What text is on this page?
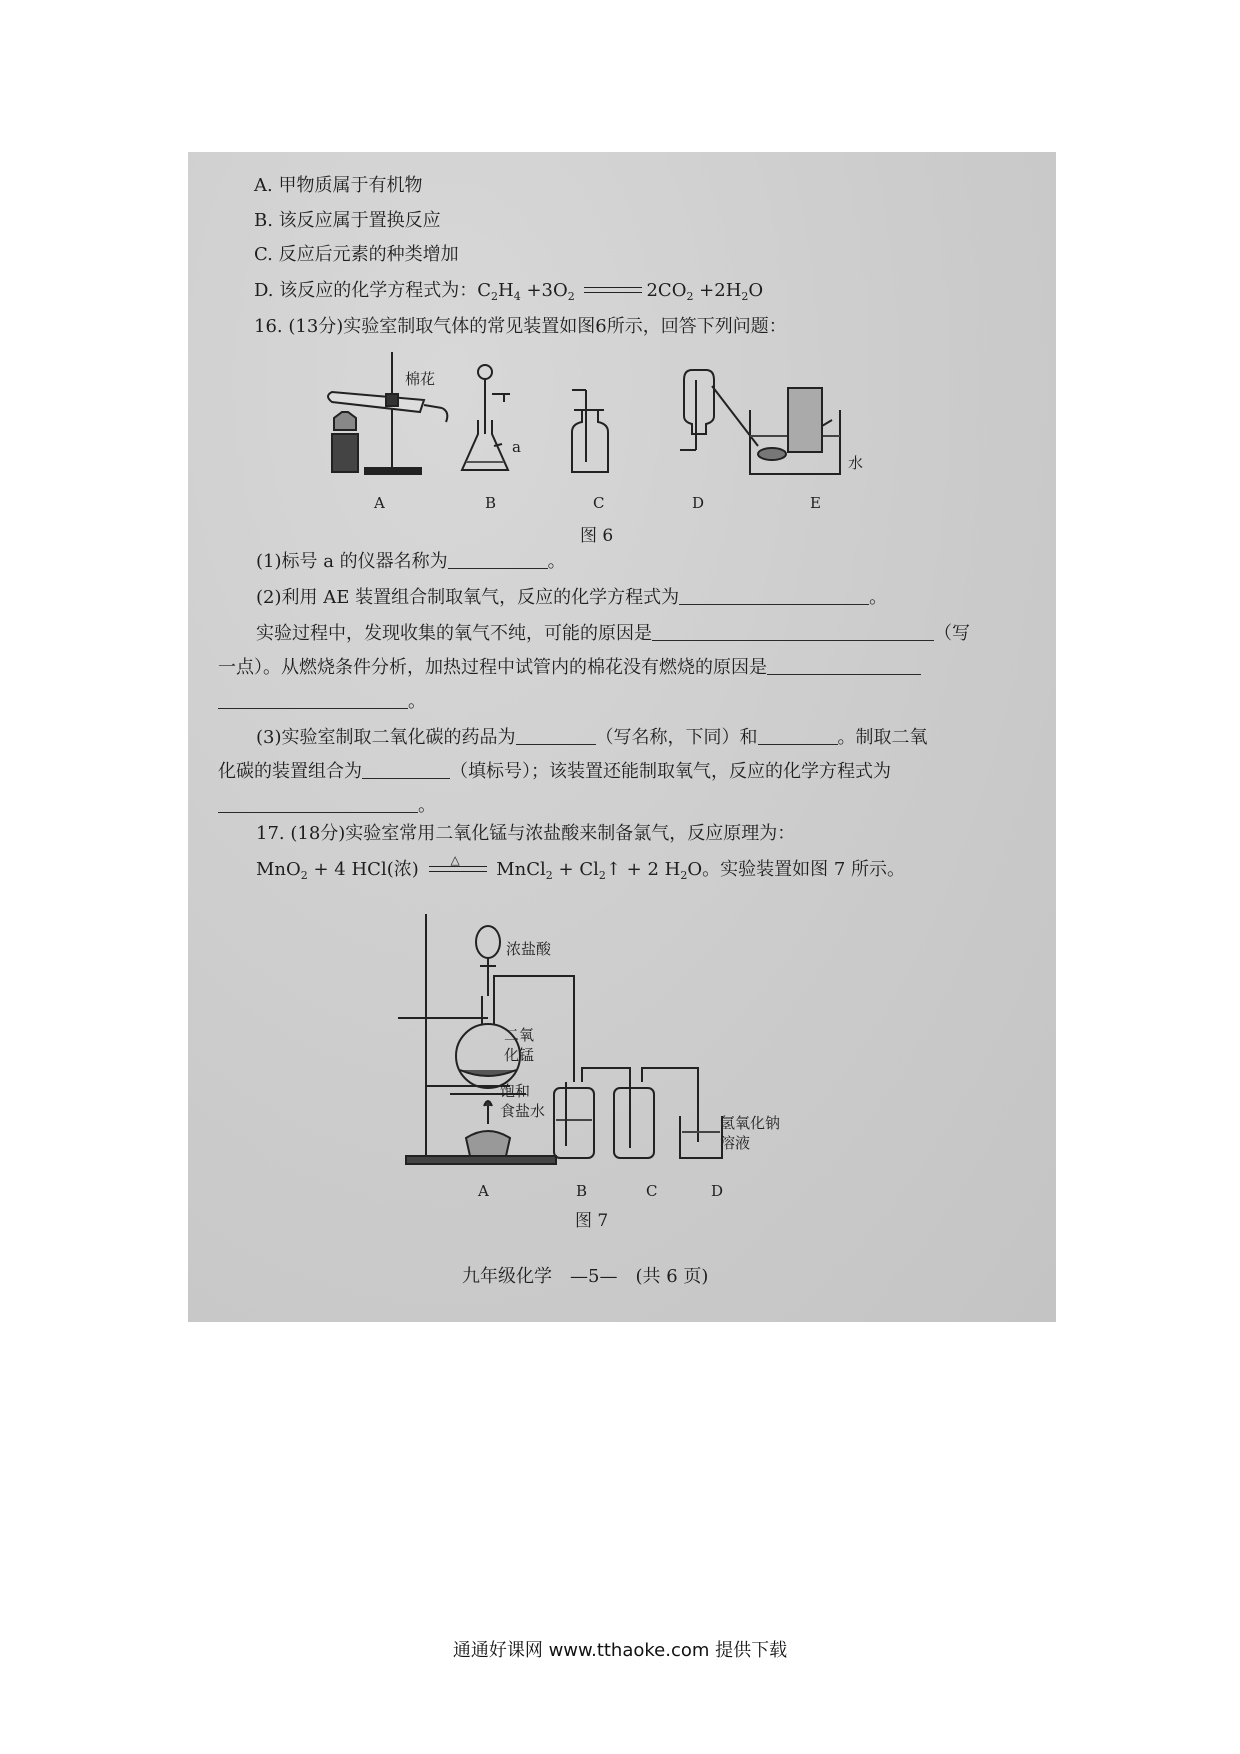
A. 甲物质属于有机物
B. 该反应属于置换反应
C. 反应后元素的种类增加
D. 该反应的化学方程式为：$C_2H_4 +3O_2$	$2CO_2 +2H_2O$
16. (13分)实验室制取气体的常见装置如图6所示，回答下列问题：
棉花
a
水
A	B	C	D	E
图 6
(1)标号 a 的仪器名称为	。
(2)利用 AE 装置组合制取氧气，反应的化学方程式为	。
实验过程中，发现收集的氧气不纯，可能的原因是	（写
一点）。从燃烧条件分析，加热过程中试管内的棉花没有燃烧的原因是
。
(3)实验室制取二氧化碳的药品为	（写名称，下同）和	。制取二氧
化碳的装置组合为	（填标号）；该装置还能制取氧气，反应的化学方程式为
。
17. (18分)实验室常用二氧化锰与浓盐酸来制备氯气，反应原理为：
MnO$_2$ + 4 HCl(浓)	△ MnCl$_2$ + $Cl_2↑ + 2$ $H_2O$。实验装置如图 7 所示。
浓盐酸
二氧
化锰
饱和
食盐水
氢氧化钠
溶液
A	B	C	D
图 7
九年级化学　—5—　(共 6 页)
通通好课网 www.tthaoke.com 提供下载
